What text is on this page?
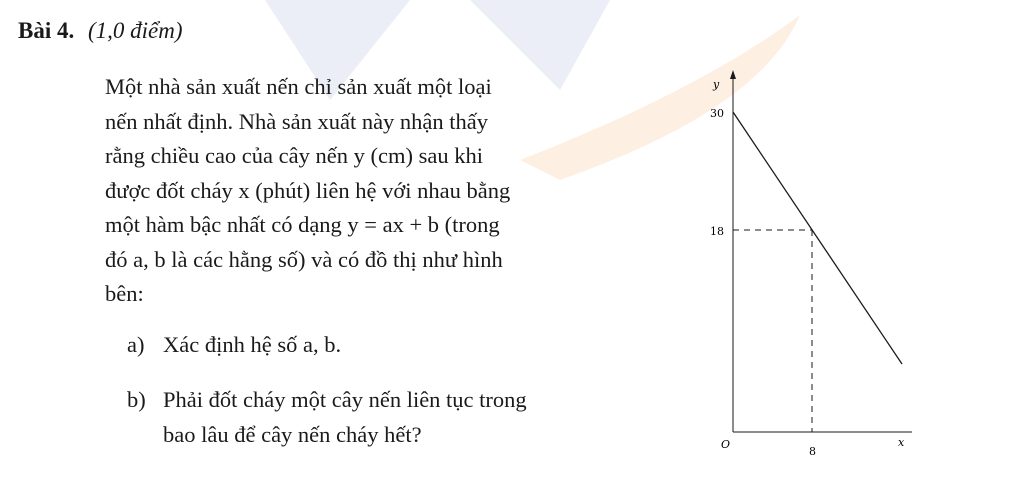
Bài 4. (1,0 điểm)
Một nhà sản xuất nến chỉ sản xuất một loại
nến nhất định. Nhà sản xuất này nhận thấy
rằng chiều cao của cây nến y (cm) sau khi
được đốt cháy x (phút) liên hệ với nhau bằng
một hàm bậc nhất có dạng y = ax + b (trong
đó a, b là các hằng số) và có đồ thị như hình
bên:
a) Xác định hệ số a, b.
b) Phải đốt cháy một cây nến liên tục trong
bao lâu để cây nến cháy hết?
y
30
18
O
8
x
